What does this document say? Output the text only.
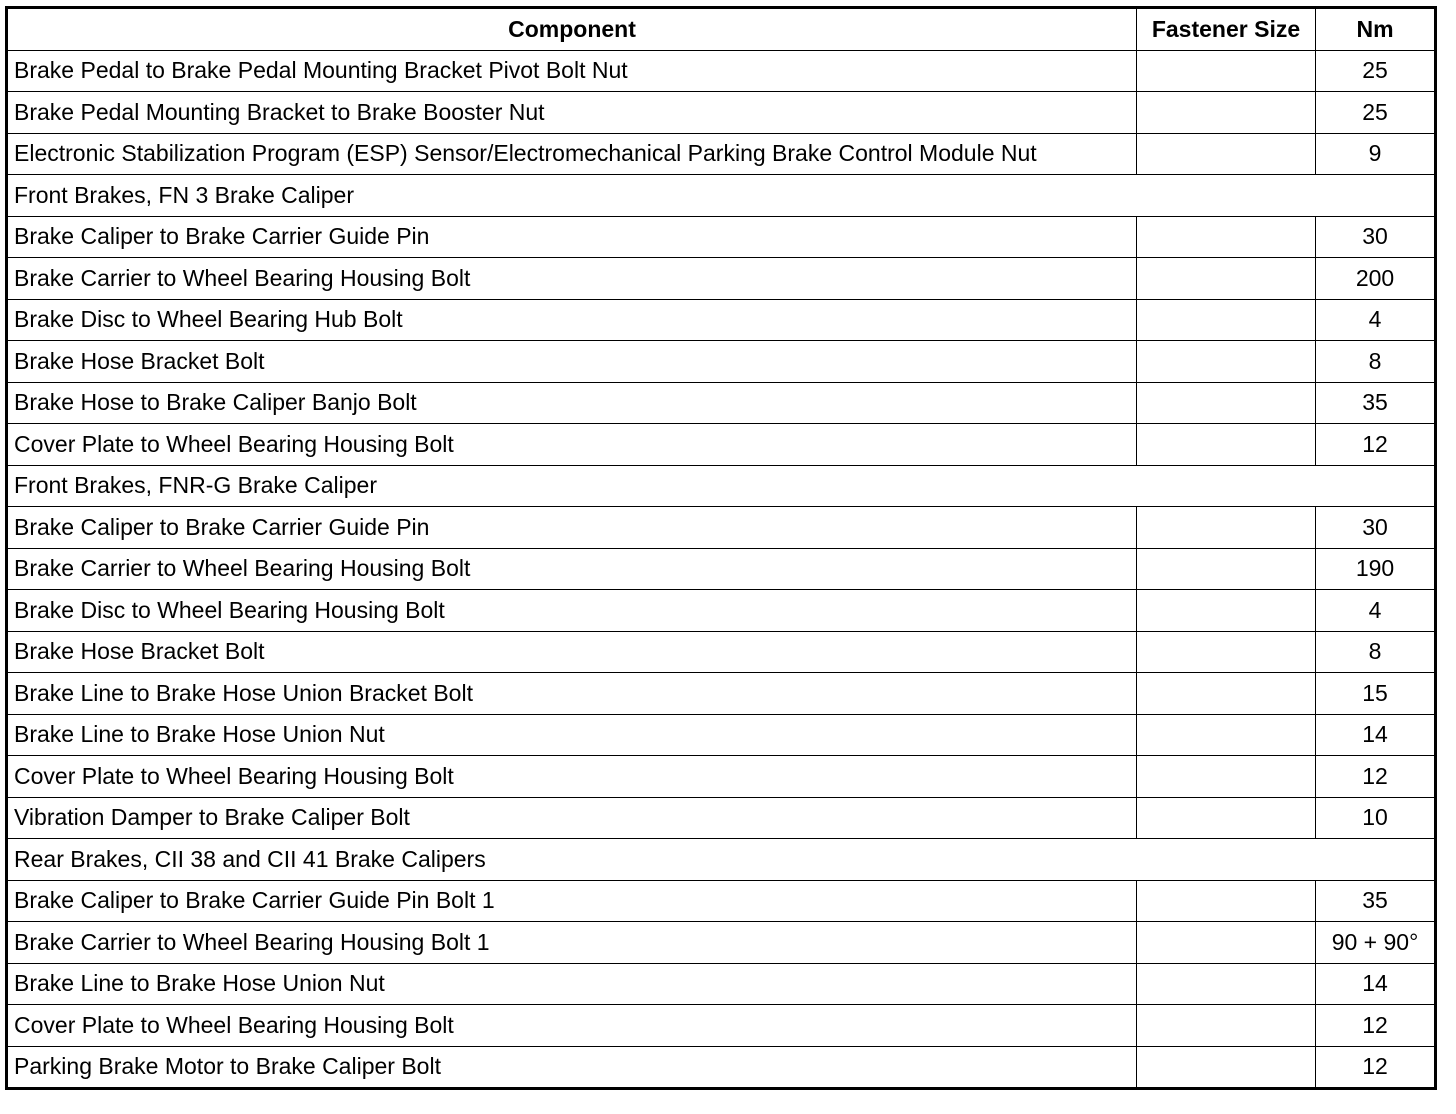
Component	Fastener Size	Nm
Brake Pedal to Brake Pedal Mounting Bracket Pivot Bolt Nut		25
Brake Pedal Mounting Bracket to Brake Booster Nut		25
Electronic Stabilization Program (ESP) Sensor/Electromechanical Parking Brake Control Module Nut		9
Front Brakes, FN 3 Brake Caliper		
Brake Caliper to Brake Carrier Guide Pin		30
Brake Carrier to Wheel Bearing Housing Bolt		200
Brake Disc to Wheel Bearing Hub Bolt		4
Brake Hose Bracket Bolt		8
Brake Hose to Brake Caliper Banjo Bolt		35
Cover Plate to Wheel Bearing Housing Bolt		12
Front Brakes, FNR-G Brake Caliper		
Brake Caliper to Brake Carrier Guide Pin		30
Brake Carrier to Wheel Bearing Housing Bolt		190
Brake Disc to Wheel Bearing Housing Bolt		4
Brake Hose Bracket Bolt		8
Brake Line to Brake Hose Union Bracket Bolt		15
Brake Line to Brake Hose Union Nut		14
Cover Plate to Wheel Bearing Housing Bolt		12
Vibration Damper to Brake Caliper Bolt		10
Rear Brakes, CII 38 and CII 41 Brake Calipers		
Brake Caliper to Brake Carrier Guide Pin Bolt 1		35
Brake Carrier to Wheel Bearing Housing Bolt 1		90 + 90°
Brake Line to Brake Hose Union Nut		14
Cover Plate to Wheel Bearing Housing Bolt		12
Parking Brake Motor to Brake Caliper Bolt		12
